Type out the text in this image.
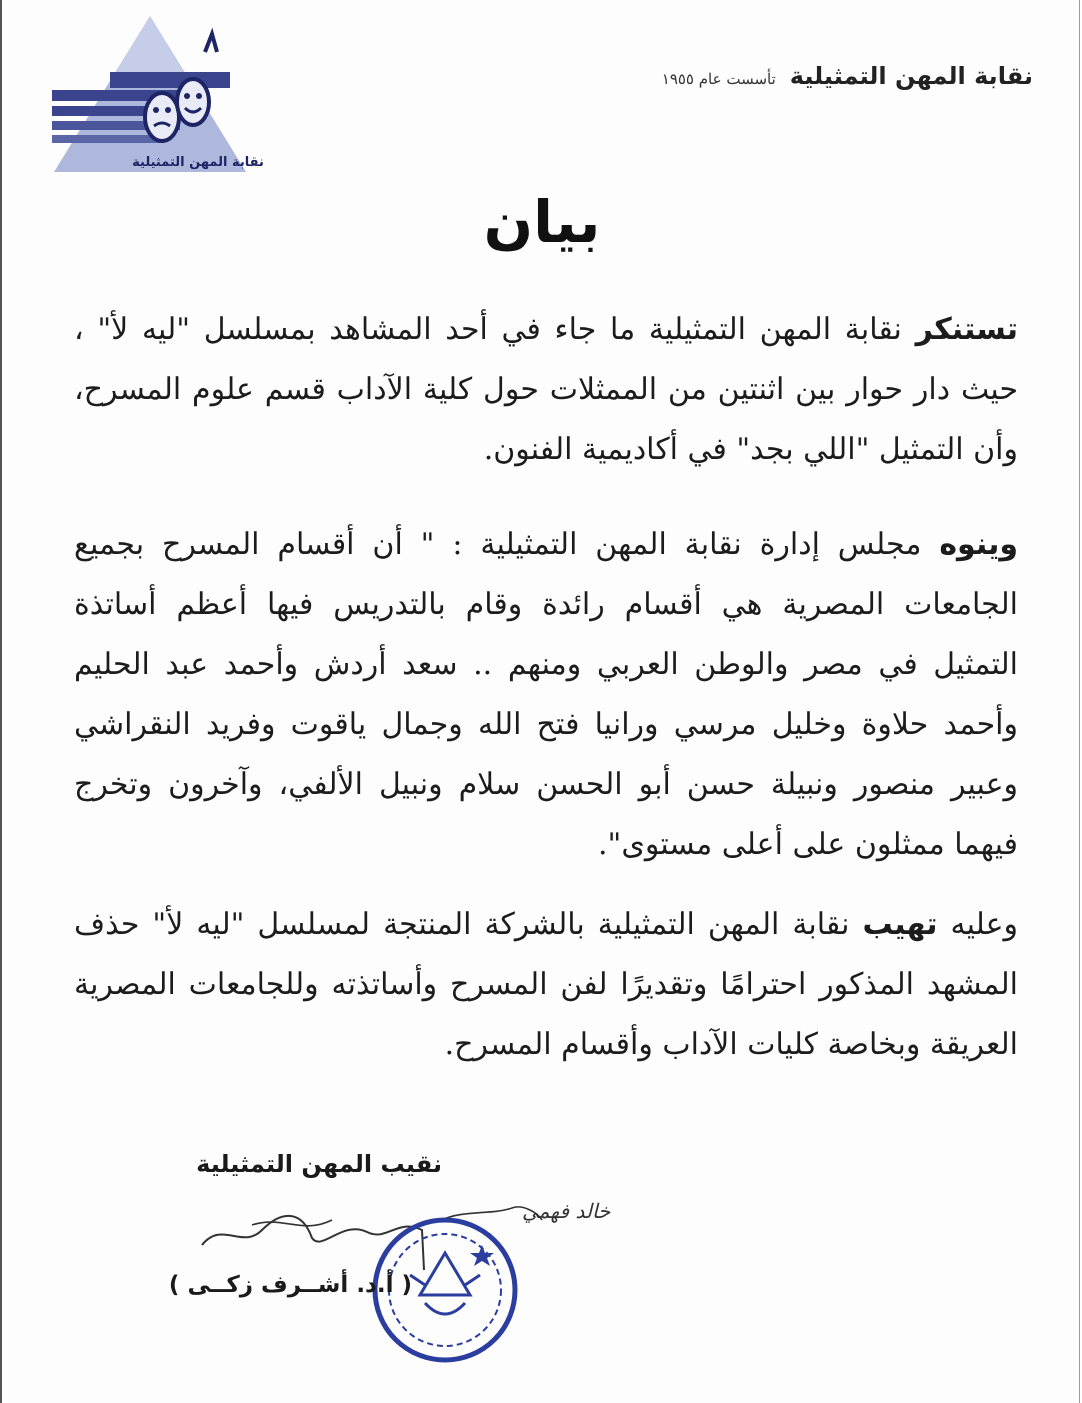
نقابة المهن التمثيلية
نقابة المهن التمثيليةتأسست عام ١٩٥٥
بيان

تستنكر نقابة المهن التمثيلية ما جاء في أحد المشاهد بمسلسل "ليه لأ" ، حيث دار حوار بين اثنتين من الممثلات حول كلية الآداب قسم علوم المسرح، وأن التمثيل "اللي بجد" في أكاديمية الفنون.

وينوه مجلس إدارة نقابة المهن التمثيلية : " أن أقسام المسرح بجميع الجامعات المصرية هي أقسام رائدة وقام بالتدريس فيها أعظم أساتذة التمثيل في مصر والوطن العربي ومنهم .. سعد أردش وأحمد عبد الحليم وأحمد حلاوة وخليل مرسي ورانيا فتح الله وجمال ياقوت وفريد النقراشي وعبير منصور ونبيلة حسن أبو الحسن سلام ونبيل الألفي، وآخرون وتخرج فيهما ممثلون على أعلى مستوى".

وعليه تهيب نقابة المهن التمثيلية بالشركة المنتجة لمسلسل "ليه لأ" حذف المشهد المذكور احترامًا وتقديرًا لفن المسرح وأساتذته وللجامعات المصرية العريقة وبخاصة كليات الآداب وأقسام المسرح.

نقيب المهن التمثيلية
خالد فهمي
( أ.د. أشــرف زكــى )
